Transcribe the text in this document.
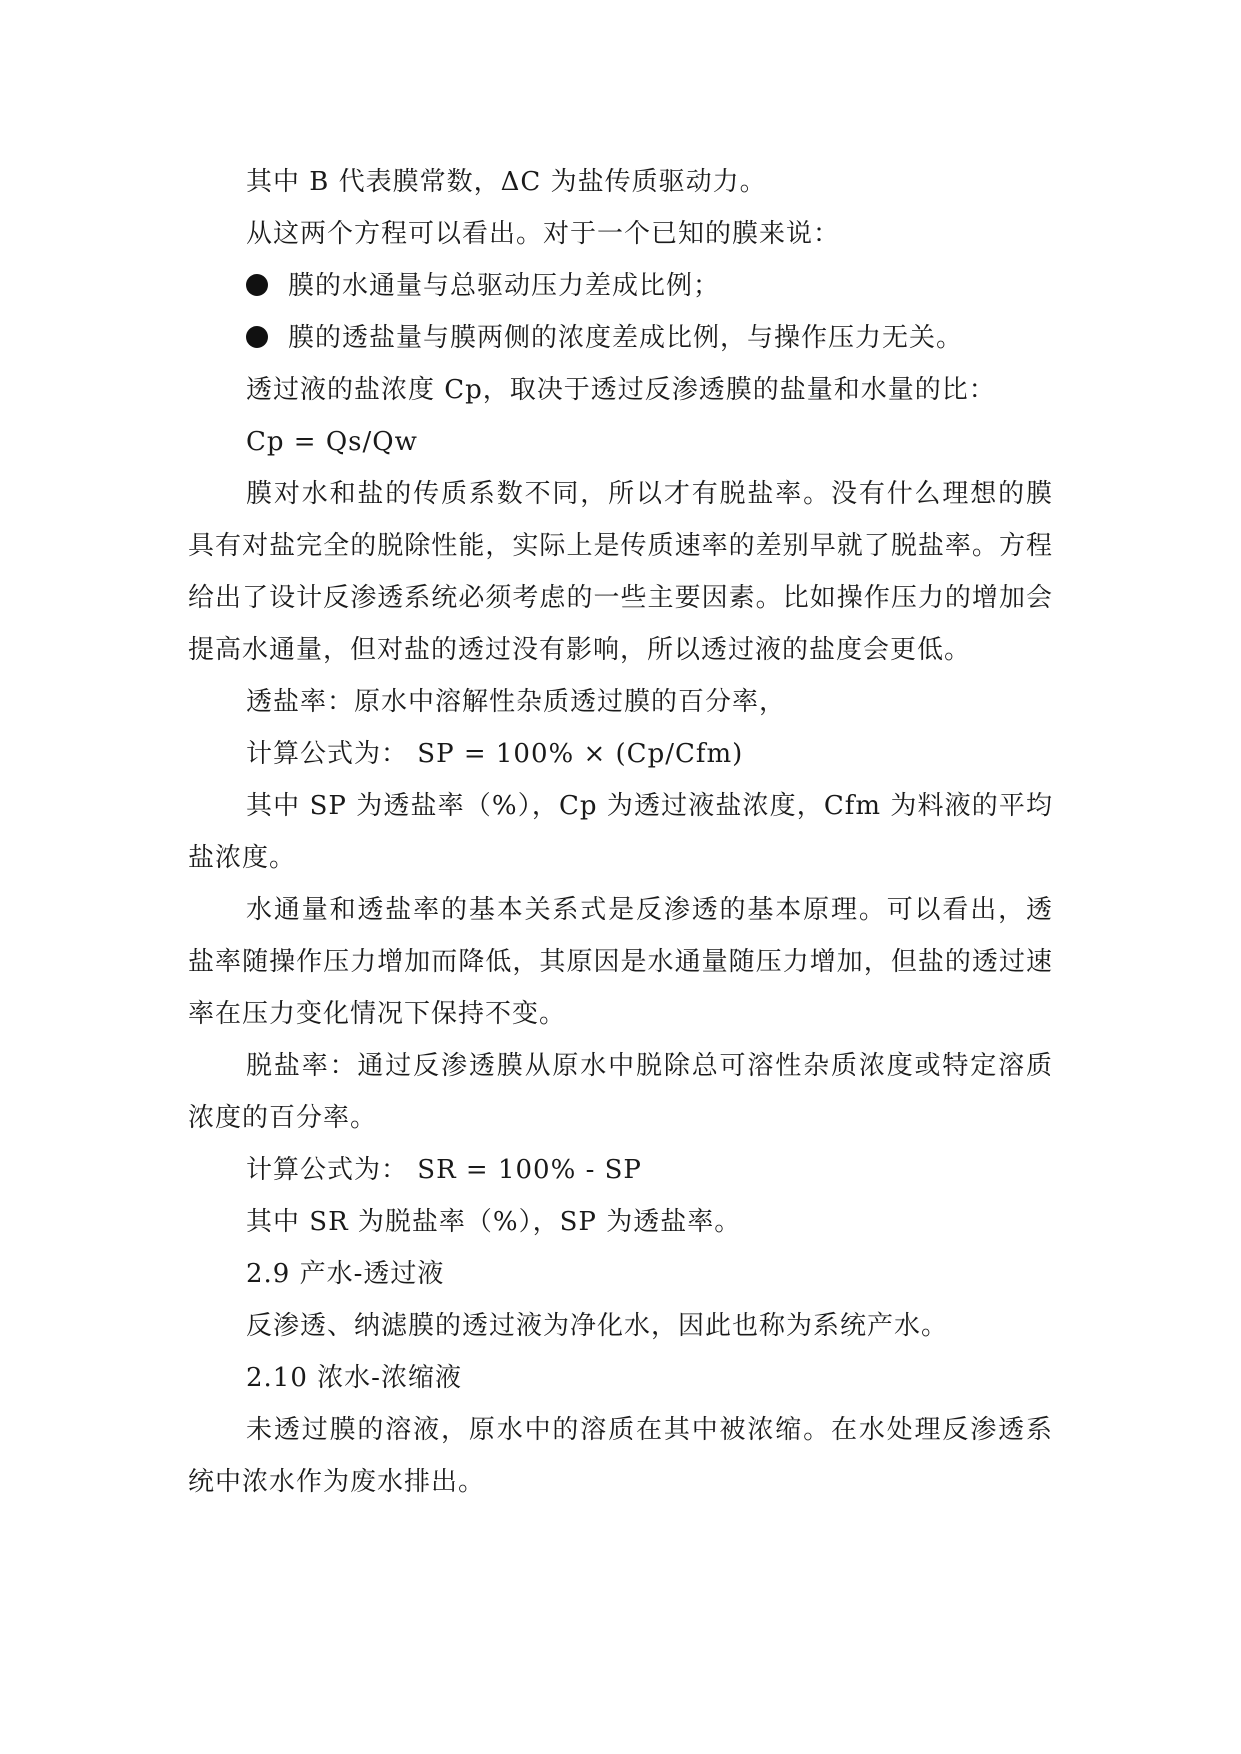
其中 B 代表膜常数，ΔC 为盐传质驱动力。

从这两个方程可以看出。对于一个已知的膜来说：

膜的水通量与总驱动压力差成比例；

膜的透盐量与膜两侧的浓度差成比例，与操作压力无关。

透过液的盐浓度 Cp，取决于透过反渗透膜的盐量和水量的比：

Cp = Qs/Qw

膜对水和盐的传质系数不同，所以才有脱盐率。没有什么理想的膜具有对盐完全的脱除性能，实际上是传质速率的差别早就了脱盐率。方程给出了设计反渗透系统必须考虑的一些主要因素。比如操作压力的增加会提高水通量，但对盐的透过没有影响，所以透过液的盐度会更低。

透盐率：原水中溶解性杂质透过膜的百分率，

计算公式为： SP = 100% × (Cp/Cfm)

其中 SP 为透盐率（%），Cp 为透过液盐浓度，Cfm 为料液的平均盐浓度。

水通量和透盐率的基本关系式是反渗透的基本原理。可以看出，透盐率随操作压力增加而降低，其原因是水通量随压力增加，但盐的透过速率在压力变化情况下保持不变。

脱盐率：通过反渗透膜从原水中脱除总可溶性杂质浓度或特定溶质浓度的百分率。

计算公式为： SR = 100% - SP

其中 SR 为脱盐率（%），SP 为透盐率。

2.9 产水-透过液

反渗透、纳滤膜的透过液为净化水，因此也称为系统产水。

2.10 浓水-浓缩液

未透过膜的溶液，原水中的溶质在其中被浓缩。在水处理反渗透系统中浓水作为废水排出。
